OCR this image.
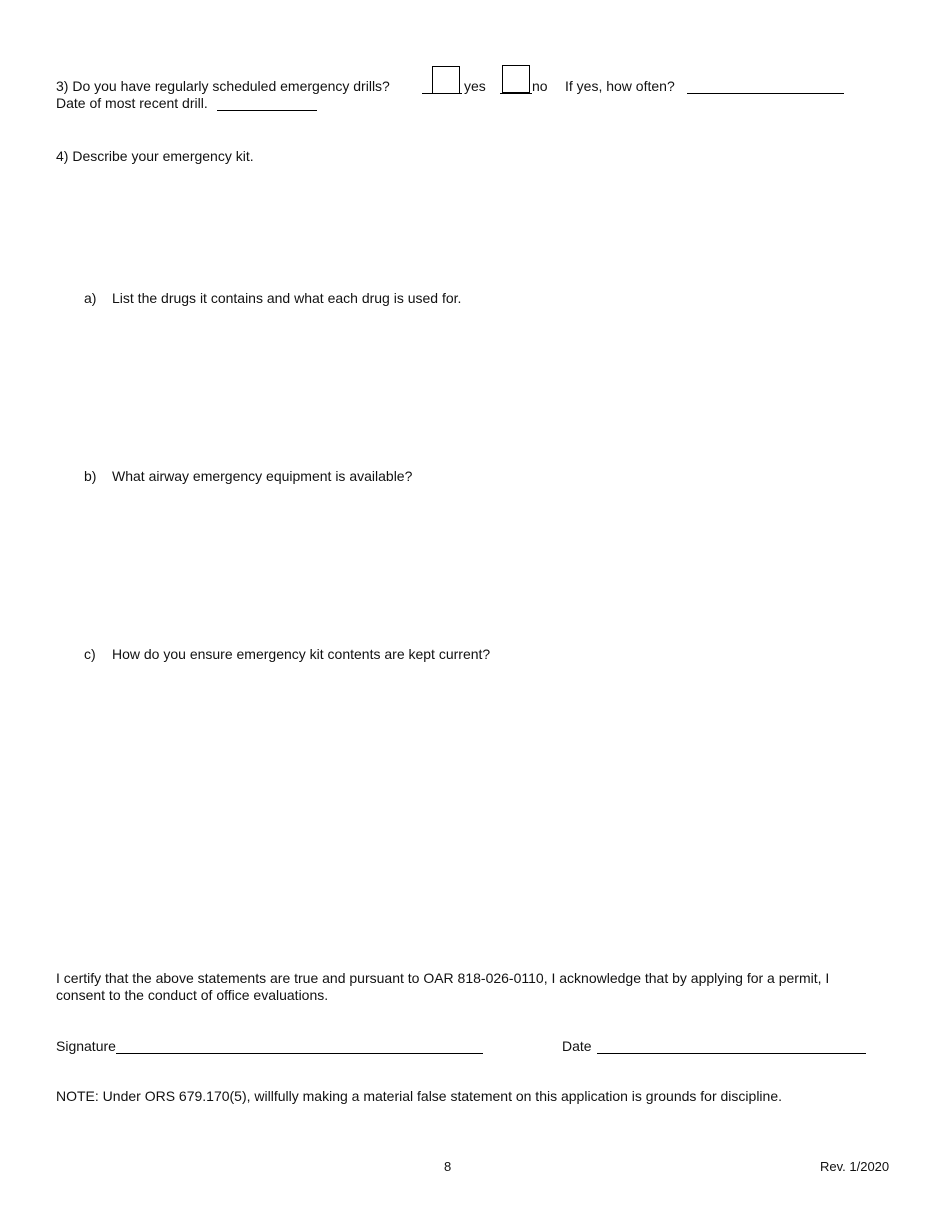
3) Do you have regularly scheduled emergency drills?	yes	no If yes, how often?
Date of most recent drill.
4) Describe your emergency kit.
a) List the drugs it contains and what each drug is used for.
b) What airway emergency equipment is available?
c) How do you ensure emergency kit contents are kept current?
I certify that the above statements are true and pursuant to OAR 818-026-0110, I acknowledge that by applying for a permit, I
consent to the conduct of office evaluations.
Signature	Date
NOTE: Under ORS 679.170(5), willfully making a material false statement on this application is grounds for discipline.
8	Rev. 1/2020
